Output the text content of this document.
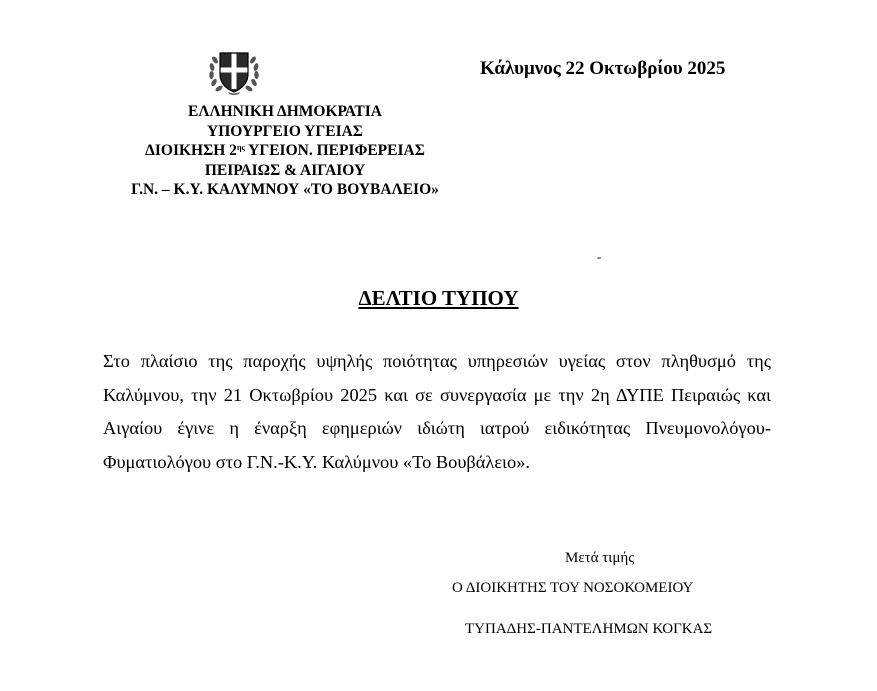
Κάλυμνος 22 Οκτωβρίου 2025
ΕΛΛΗΝΙΚΗ ΔΗΜΟΚΡΑΤΙΑ
ΥΠΟΥΡΓΕΙΟ ΥΓΕΙΑΣ
ΔΙΟΙΚΗΣΗ $2^{\eta\varsigma}$ ΥΓΕΙΟΝ. ΠΕΡΙΦΕΡΕΙΑΣ
ΠΕΙΡΑΙΩΣ & ΑΙΓΑΙΟΥ
Γ.Ν. – Κ.Υ. ΚΑΛΥΜΝΟΥ «ΤΟ ΒΟΥΒΑΛΕΙΟ»
-
ΔΕΛΤΙΟ ΤΥΠΟΥ
Στο πλαίσιο της παροχής υψηλής ποιότητας υπηρεσιών υγείας στον πληθυσμό της Καλύμνου, την 21 Οκτωβρίου 2025 και σε συνεργασία με την 2η ΔΥΠΕ Πειραιώς και Αιγαίου έγινε η έναρξη εφημεριών ιδιώτη ιατρού ειδικότητας Πνευμονολόγου-Φυματιολόγου στο Γ.Ν.-Κ.Υ. Καλύμνου «Το Βουβάλειο».
Μετά τιμής
Ο ΔΙΟΙΚΗΤΗΣ ΤΟΥ ΝΟΣΟΚΟΜΕΙΟΥ
ΤΥΠΑΔΗΣ-ΠΑΝΤΕΛΗΜΩΝ ΚΟΓΚΑΣ
